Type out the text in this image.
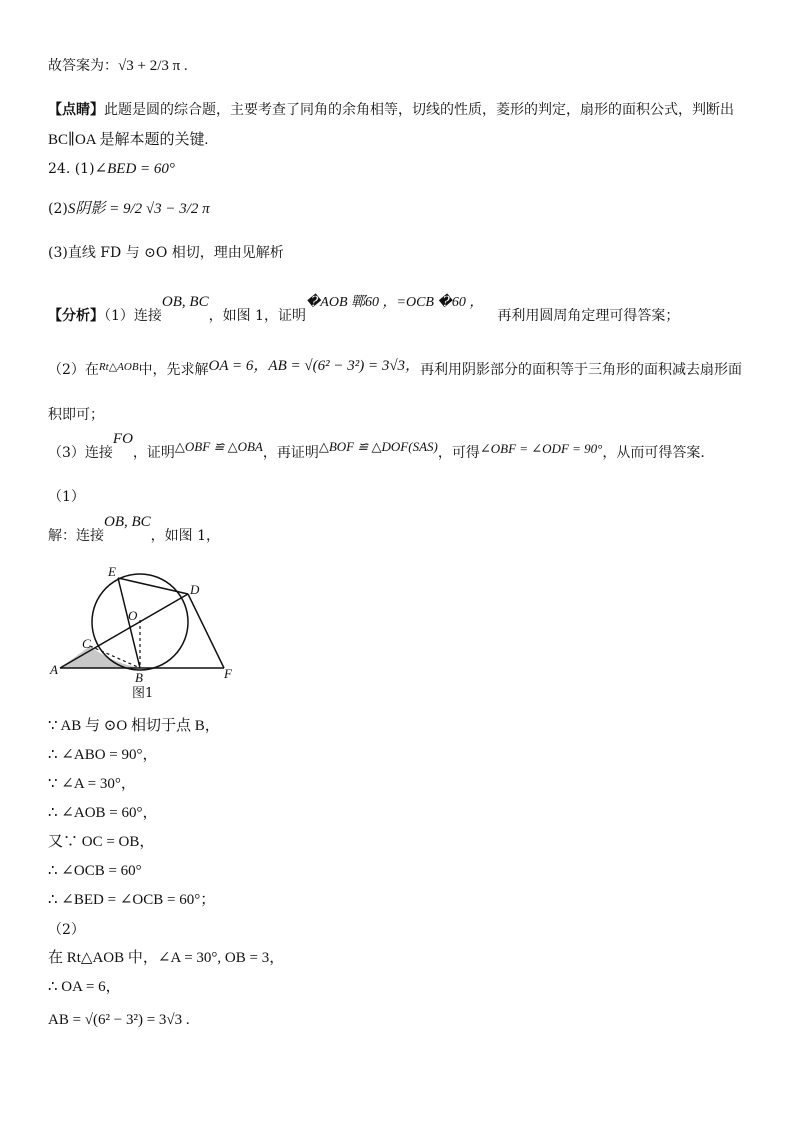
故答案为：√3 + 2/3 π .
【点睛】此题是圆的综合题，主要考查了同角的余角相等，切线的性质，菱形的判定，扇形的面积公式，判断出
BC∥OA 是解本题的关键.
24. (1)∠BED = 60°
(2)S阴影 = 9/2 √3 − 3/2 π
(3)直线 FD 与 ⊙O 相切，理由见解析
【分析】（1）连接OB, BC，如图 1，证明�AOB 鄲60 ，=OCB �60 ，再利用圆周角定理可得答案；
（2）在$^{Rt\triangle AOB}$中，先求解OA = 6，AB = √(6² − 3²) = 3√3，再利用阴影部分的面积等于三角形的面积减去扇形面
积即可；
（3）连接FO，证明△OBF ≌ △OBA，再证明△BOF ≌ △DOF(SAS)，可得∠OBF = ∠ODF = 90°，从而可得答案.
（1）
解：连接OB, BC，如图 1，
E
D
O
C
A
B	F
图1
∵ AB 与 ⊙O 相切于点 B，
∴ ∠ABO = 90°，
∵ ∠A = 30°，
∴ ∠AOB = 60°，
又∵ OC = OB，
∴ ∠OCB = 60°
∴ ∠BED = ∠OCB = 60°；
（2）
在 Rt△AOB 中，∠A = 30°, OB = 3，
∴ OA = 6，
AB = √(6² − 3²) = 3√3 .
